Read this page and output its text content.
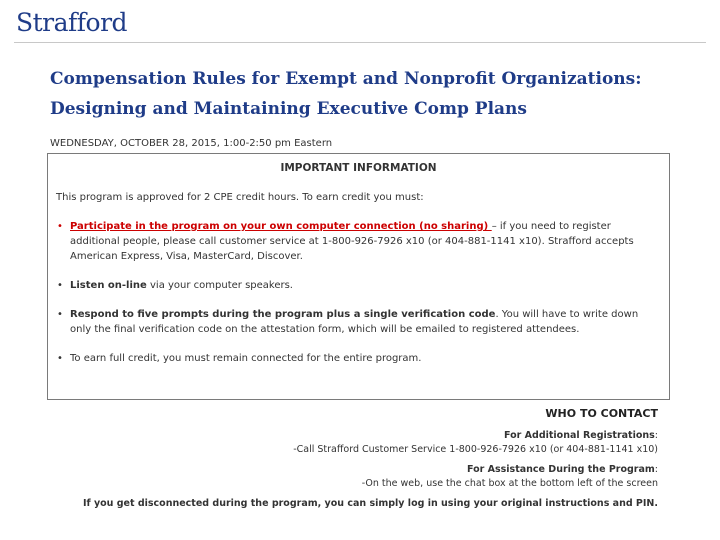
Strafford
Compensation Rules for Exempt and Nonprofit Organizations:
Designing and Maintaining Executive Comp Plans
WEDNESDAY, OCTOBER 28, 2015, 1:00-2:50 pm Eastern
IMPORTANT INFORMATION
This program is approved for 2 CPE credit hours. To earn credit you must:
• Participate in the program on your own computer connection (no sharing) – if you need to register additional people, please call customer service at 1-800-926-7926 x10 (or 404-881-1141 x10). Strafford accepts American Express, Visa, MasterCard, Discover.
• Listen on-line via your computer speakers.
• Respond to five prompts during the program plus a single verification code. You will have to write down only the final verification code on the attestation form, which will be emailed to registered attendees.
• To earn full credit, you must remain connected for the entire program.
WHO TO CONTACT
For Additional Registrations:
-Call Strafford Customer Service 1-800-926-7926 x10 (or 404-881-1141 x10)
For Assistance During the Program:
-On the web, use the chat box at the bottom left of the screen
If you get disconnected during the program, you can simply log in using your original instructions and PIN.
